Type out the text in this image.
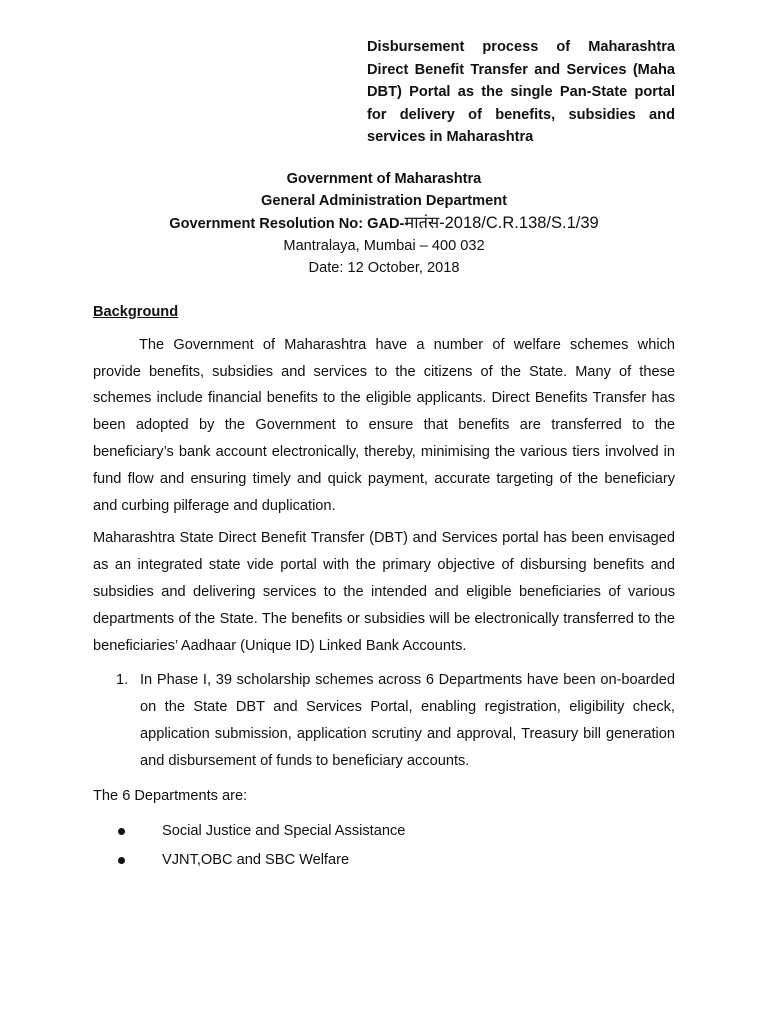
Disbursement process of Maharashtra Direct Benefit Transfer and Services (Maha DBT) Portal as the single Pan-State portal for delivery of benefits, subsidies and services in Maharashtra
Government of Maharashtra
General Administration Department
Government Resolution No: GAD-मातंस-2018/C.R.138/S.1/39
Mantralaya, Mumbai – 400 032
Date: 12 October, 2018

Background

The Government of Maharashtra have a number of welfare schemes which provide benefits, subsidies and services to the citizens of the State. Many of these schemes include financial benefits to the eligible applicants. Direct Benefits Transfer has been adopted by the Government to ensure that benefits are transferred to the beneficiary’s bank account electronically, thereby, minimising the various tiers involved in fund flow and ensuring timely and quick payment, accurate targeting of the beneficiary and curbing pilferage and duplication.

Maharashtra State Direct Benefit Transfer (DBT) and Services portal has been envisaged as an integrated state vide portal with the primary objective of disbursing benefits and subsidies and delivering services to the intended and eligible beneficiaries of various departments of the State. The benefits or subsidies will be electronically transferred to the beneficiaries’ Aadhaar (Unique ID) Linked Bank Accounts.

1. In Phase I, 39 scholarship schemes across 6 Departments have been on-boarded on the State DBT and Services Portal, enabling registration, eligibility check, application submission, application scrutiny and approval, Treasury bill generation and disbursement of funds to beneficiary accounts.

The 6 Departments are:

Social Justice and Special Assistance
VJNT,OBC and SBC Welfare
